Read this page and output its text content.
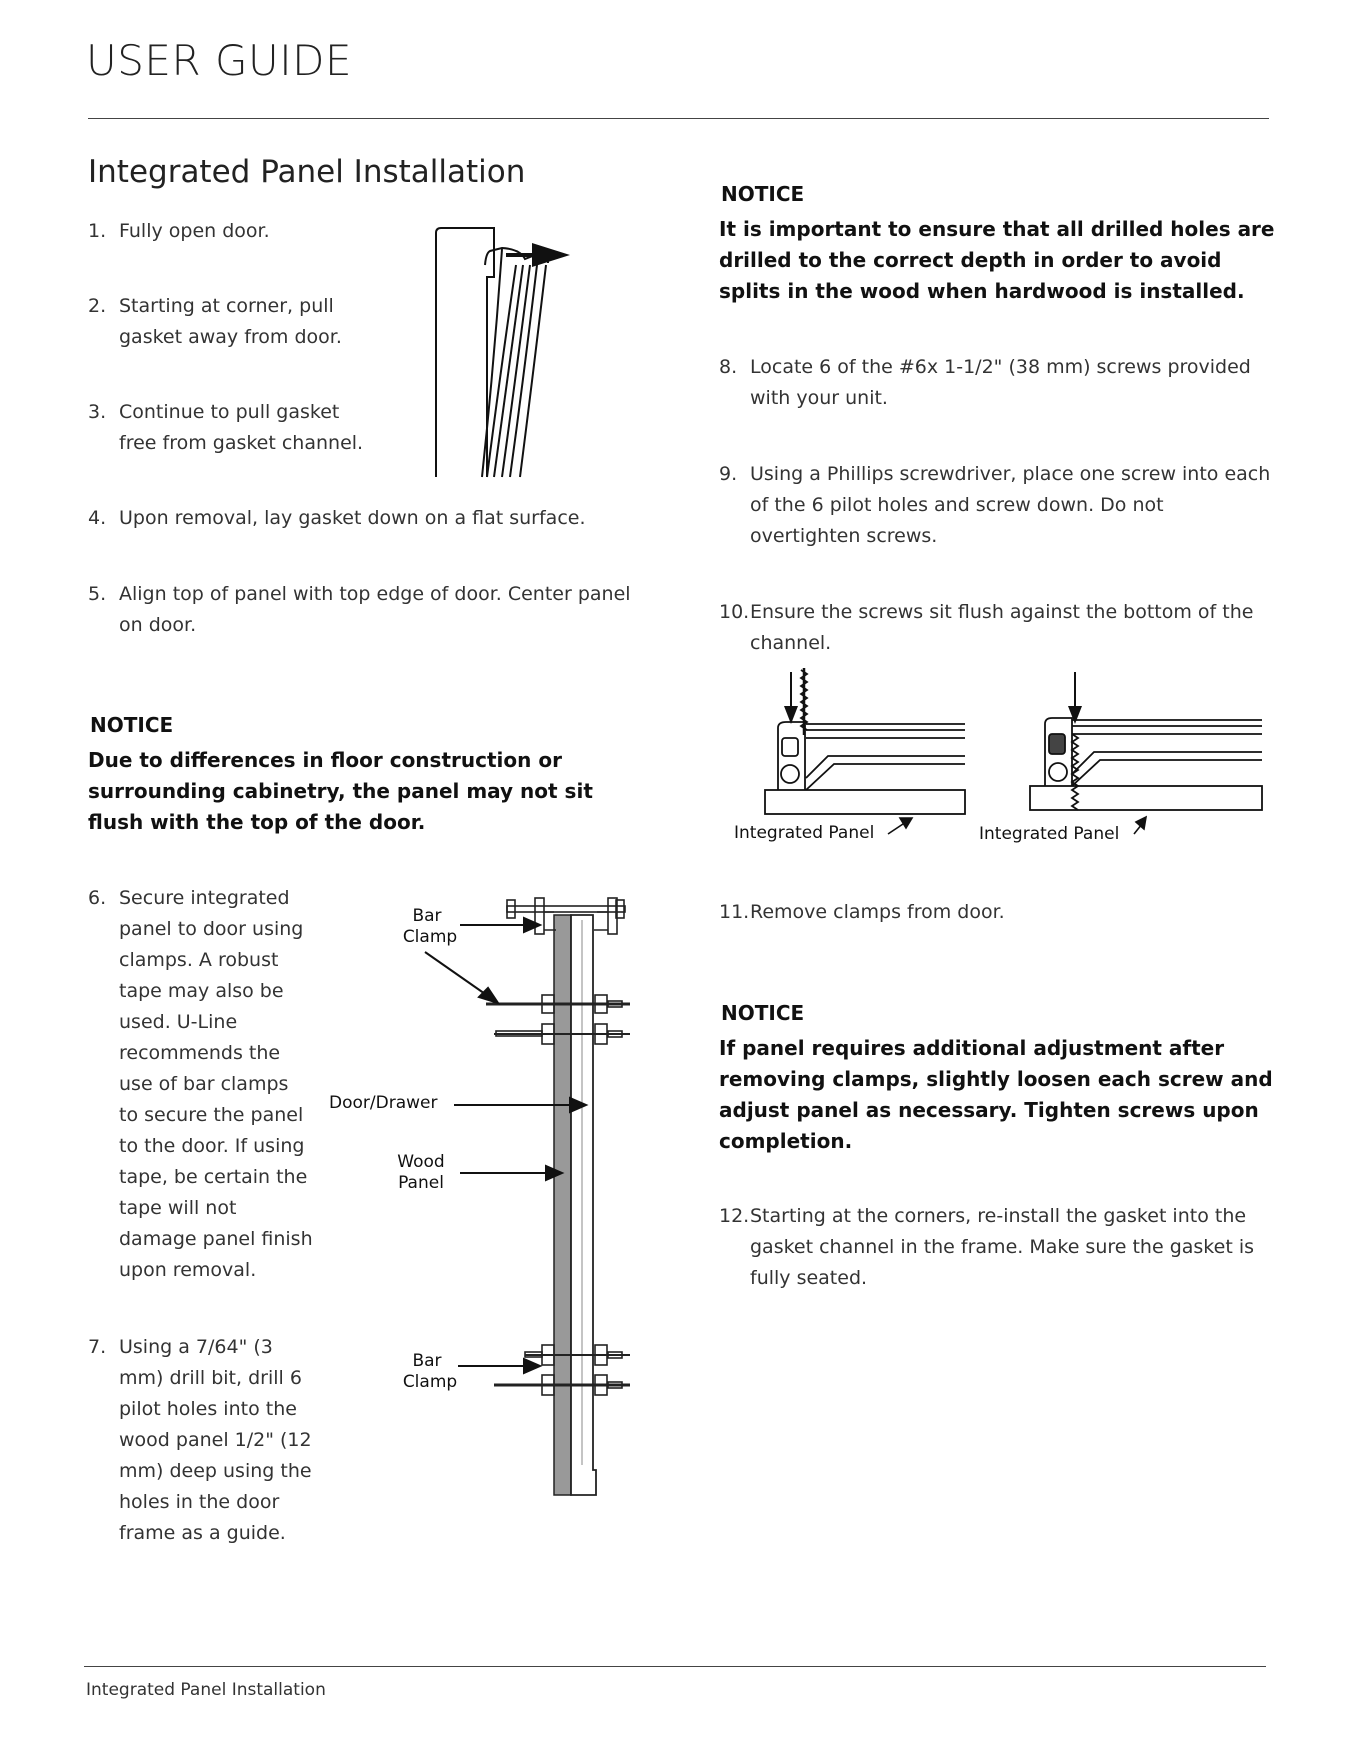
USER GUIDE
Integrated Panel Installation
1. Fully open door.
2. Starting at corner, pull gasket away from door.
3. Continue to pull gasket free from gasket channel.
4. Upon removal, lay gasket down on a flat surface.
5. Align top of panel with top edge of door. Center panel on door.
NOTICE
Due to differences in floor construction or surrounding cabinetry, the panel may not sit flush with the top of the door.
6. Secure integrated panel to door using clamps. A robust tape may also be used. U-Line recommends the use of bar clamps to secure the panel to the door. If using tape, be certain the tape will not damage panel finish upon removal.
7. Using a 7/64" (3 mm) drill bit, drill 6 pilot holes into the wood panel 1/2" (12 mm) deep using the holes in the door frame as a guide.
NOTICE
It is important to ensure that all drilled holes are drilled to the correct depth in order to avoid splits in the wood when hardwood is installed.
8. Locate 6 of the #6x 1-1/2" (38 mm) screws provided with your unit.
9. Using a Phillips screwdriver, place one screw into each of the 6 pilot holes and screw down. Do not overtighten screws.
10. Ensure the screws sit flush against the bottom of the channel.
11. Remove clamps from door.
NOTICE
If panel requires additional adjustment after removing clamps, slightly loosen each screw and adjust panel as necessary. Tighten screws upon completion.
12. Starting at the corners, re-install the gasket into the gasket channel in the frame. Make sure the gasket is fully seated.
Bar
Clamp
Door/Drawer
Wood
Panel
Bar
Clamp
Integrated Panel	Integrated Panel
Integrated Panel Installation
